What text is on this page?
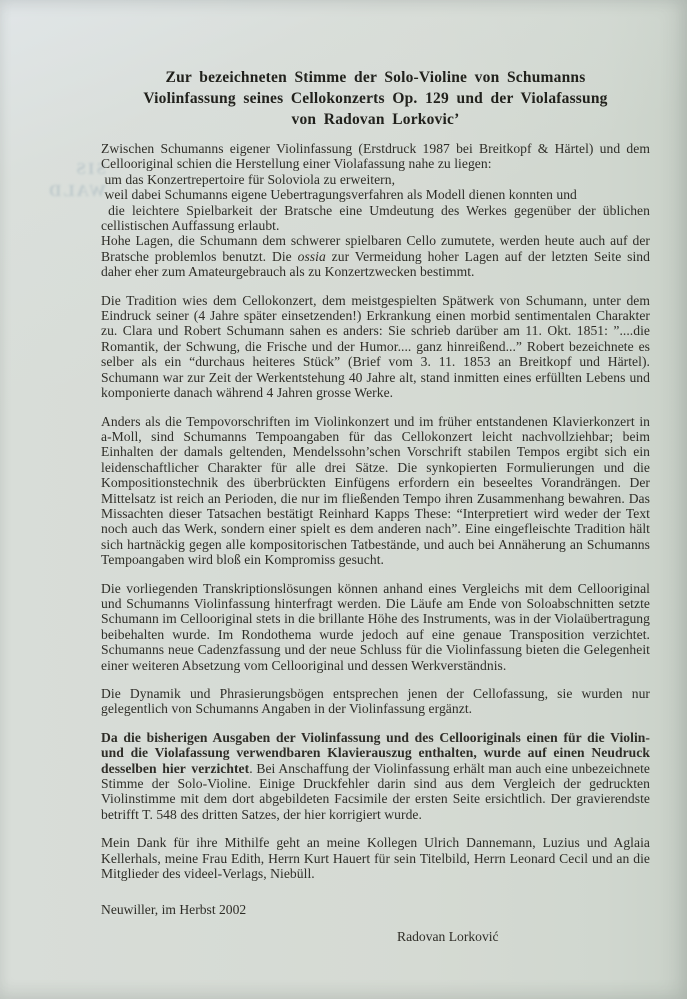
SIS
WALD
Zur bezeichneten Stimme der Solo-Violine von Schumanns
Violinfassung seines Cellokonzerts Op. 129 und der Violafassung
von Radovan Lorkovic’

Zwischen Schumanns eigener Violinfassung (Erstdruck 1987 bei Breitkopf & Härtel) und dem Cellooriginal schien die Herstellung einer Violafassung nahe zu liegen:
um das Konzertrepertoire für Soloviola zu erweitern,
weil dabei Schumanns eigene Uebertragungsverfahren als Modell dienen konnten und
die leichtere Spielbarkeit der Bratsche eine Umdeutung des Werkes gegenüber der üblichen cellistischen Auffassung erlaubt.
Hohe Lagen, die Schumann dem schwerer spielbaren Cello zumutete, werden heute auch auf der Bratsche problemlos benutzt. Die ossia zur Vermeidung hoher Lagen auf der letzten Seite sind daher eher zum Amateurgebrauch als zu Konzertzwecken bestimmt.

Die Tradition wies dem Cellokonzert, dem meistgespielten Spätwerk von Schumann, unter dem Eindruck seiner (4 Jahre später einsetzenden!) Erkrankung einen morbid sentimentalen Charakter zu. Clara und Robert Schumann sahen es anders: Sie schrieb darüber am 11. Okt. 1851: ”....die Romantik, der Schwung, die Frische und der Humor.... ganz hinreißend...” Robert bezeichnete es selber als ein “durchaus heiteres Stück” (Brief vom 3. 11. 1853 an Breitkopf und Härtel). Schumann war zur Zeit der Werkentstehung 40 Jahre alt, stand inmitten eines erfüllten Lebens und komponierte danach während 4 Jahren grosse Werke.

Anders als die Tempovorschriften im Violinkonzert und im früher entstandenen Klavierkonzert in a-Moll, sind Schumanns Tempoangaben für das Cellokonzert leicht nachvollziehbar; beim Einhalten der damals geltenden, Mendelssohn’schen Vorschrift stabilen Tempos ergibt sich ein leidenschaftlicher Charakter für alle drei Sätze. Die synkopierten Formulierungen und die Kompositionstechnik des überbrückten Einfügens erfordern ein beseeltes Vorandrängen. Der Mittelsatz ist reich an Perioden, die nur im fließenden Tempo ihren Zusammenhang bewahren. Das Missachten dieser Tatsachen bestätigt Reinhard Kapps These: “Interpretiert wird weder der Text noch auch das Werk, sondern einer spielt es dem anderen nach”. Eine eingefleischte Tradition hält sich hartnäckig gegen alle kompositorischen Tatbestände, und auch bei Annäherung an Schumanns Tempoangaben wird bloß ein Kompromiss gesucht.

Die vorliegenden Transkriptionslösungen können anhand eines Vergleichs mit dem Cellooriginal und Schumanns Violinfassung hinterfragt werden. Die Läufe am Ende von Soloabschnitten setzte Schumann im Cellooriginal stets in die brillante Höhe des Instruments, was in der Violaübertragung beibehalten wurde. Im Rondothema wurde jedoch auf eine genaue Transposition verzichtet. Schumanns neue Cadenzfassung und der neue Schluss für die Violinfassung bieten die Gelegenheit einer weiteren Absetzung vom Cellooriginal und dessen Werkverständnis.

Die Dynamik und Phrasierungsbögen entsprechen jenen der Cellofassung, sie wurden nur gelegentlich von Schumanns Angaben in der Violinfassung ergänzt.

Da die bisherigen Ausgaben der Violinfassung und des Cellooriginals einen für die Violin- und die Violafassung verwendbaren Klavierauszug enthalten, wurde auf einen Neudruck desselben hier verzichtet. Bei Anschaffung der Violinfassung erhält man auch eine unbezeichnete Stimme der Solo-Violine. Einige Druckfehler darin sind aus dem Vergleich der gedruckten Violinstimme mit dem dort abgebildeten Facsimile der ersten Seite ersichtlich. Der gravierendste betrifft T. 548 des dritten Satzes, der hier korrigiert wurde.

Mein Dank für ihre Mithilfe geht an meine Kollegen Ulrich Dannemann, Luzius und Aglaia Kellerhals, meine Frau Edith, Herrn Kurt Hauert für sein Titelbild, Herrn Leonard Cecil und an die Mitglieder des videel-Verlags, Niebüll.

Neuwiller, im Herbst 2002
Radovan Lorković
